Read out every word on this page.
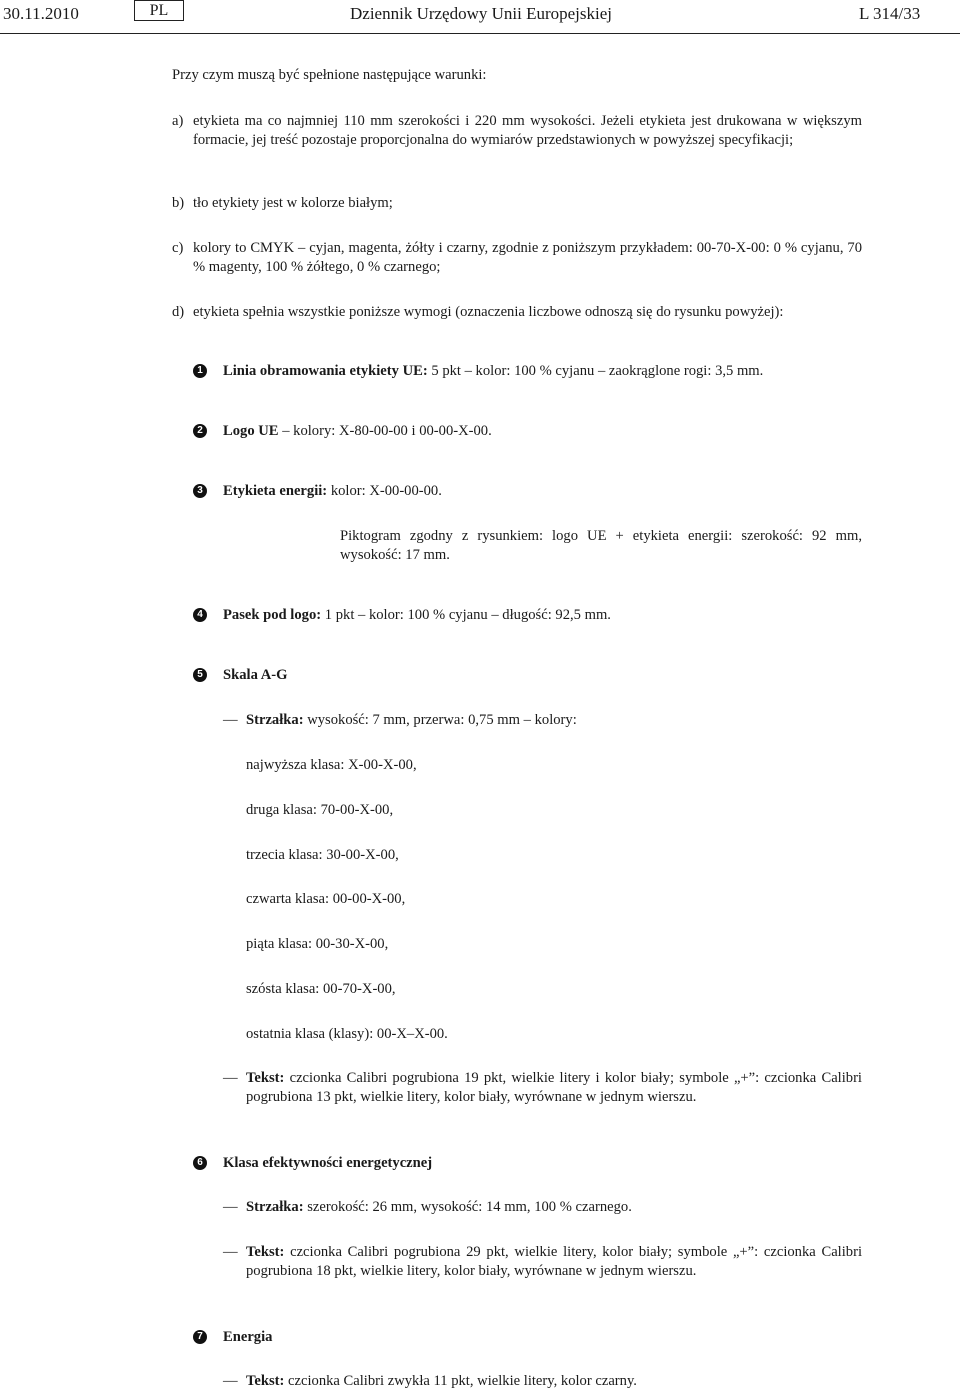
30.11.2010	PL	Dziennik Urzędowy Unii Europejskiej	L 314/33
Przy czym muszą być spełnione następujące warunki:
a) etykieta ma co najmniej 110 mm szerokości i 220 mm wysokości. Jeżeli etykieta jest drukowana w większym formacie, jej treść pozostaje proporcjonalna do wymiarów przedstawionych w powyższej specyfikacji;
b) tło etykiety jest w kolorze białym;
c) kolory to CMYK – cyjan, magenta, żółty i czarny, zgodnie z poniższym przykładem: 00-70-X-00: 0 % cyjanu, 70 % magenty, 100 % żółtego, 0 % czarnego;
d) etykieta spełnia wszystkie poniższe wymogi (oznaczenia liczbowe odnoszą się do rysunku powyżej):
1 Linia obramowania etykiety UE: 5 pkt – kolor: 100 % cyjanu – zaokrąglone rogi: 3,5 mm.
2 Logo UE – kolory: X-80-00-00 i 00-00-X-00.
3 Etykieta energii: kolor: X-00-00-00.
Piktogram zgodny z rysunkiem: logo UE + etykieta energii: szerokość: 92 mm, wysokość: 17 mm.
4 Pasek pod logo: 1 pkt – kolor: 100 % cyjanu – długość: 92,5 mm.
5 Skala A-G
— Strzałka: wysokość: 7 mm, przerwa: 0,75 mm – kolory:
najwyższa klasa: X-00-X-00,
druga klasa: 70-00-X-00,
trzecia klasa: 30-00-X-00,
czwarta klasa: 00-00-X-00,
piąta klasa: 00-30-X-00,
szósta klasa: 00-70-X-00,
ostatnia klasa (klasy): 00-X–X-00.
— Tekst: czcionka Calibri pogrubiona 19 pkt, wielkie litery i kolor biały; symbole „+”: czcionka Calibri pogrubiona 13 pkt, wielkie litery, kolor biały, wyrównane w jednym wierszu.
6 Klasa efektywności energetycznej
— Strzałka: szerokość: 26 mm, wysokość: 14 mm, 100 % czarnego.
— Tekst: czcionka Calibri pogrubiona 29 pkt, wielkie litery, kolor biały; symbole „+”: czcionka Calibri pogrubiona 18 pkt, wielkie litery, kolor biały, wyrównane w jednym wierszu.
7 Energia
— Tekst: czcionka Calibri zwykła 11 pkt, wielkie litery, kolor czarny.
